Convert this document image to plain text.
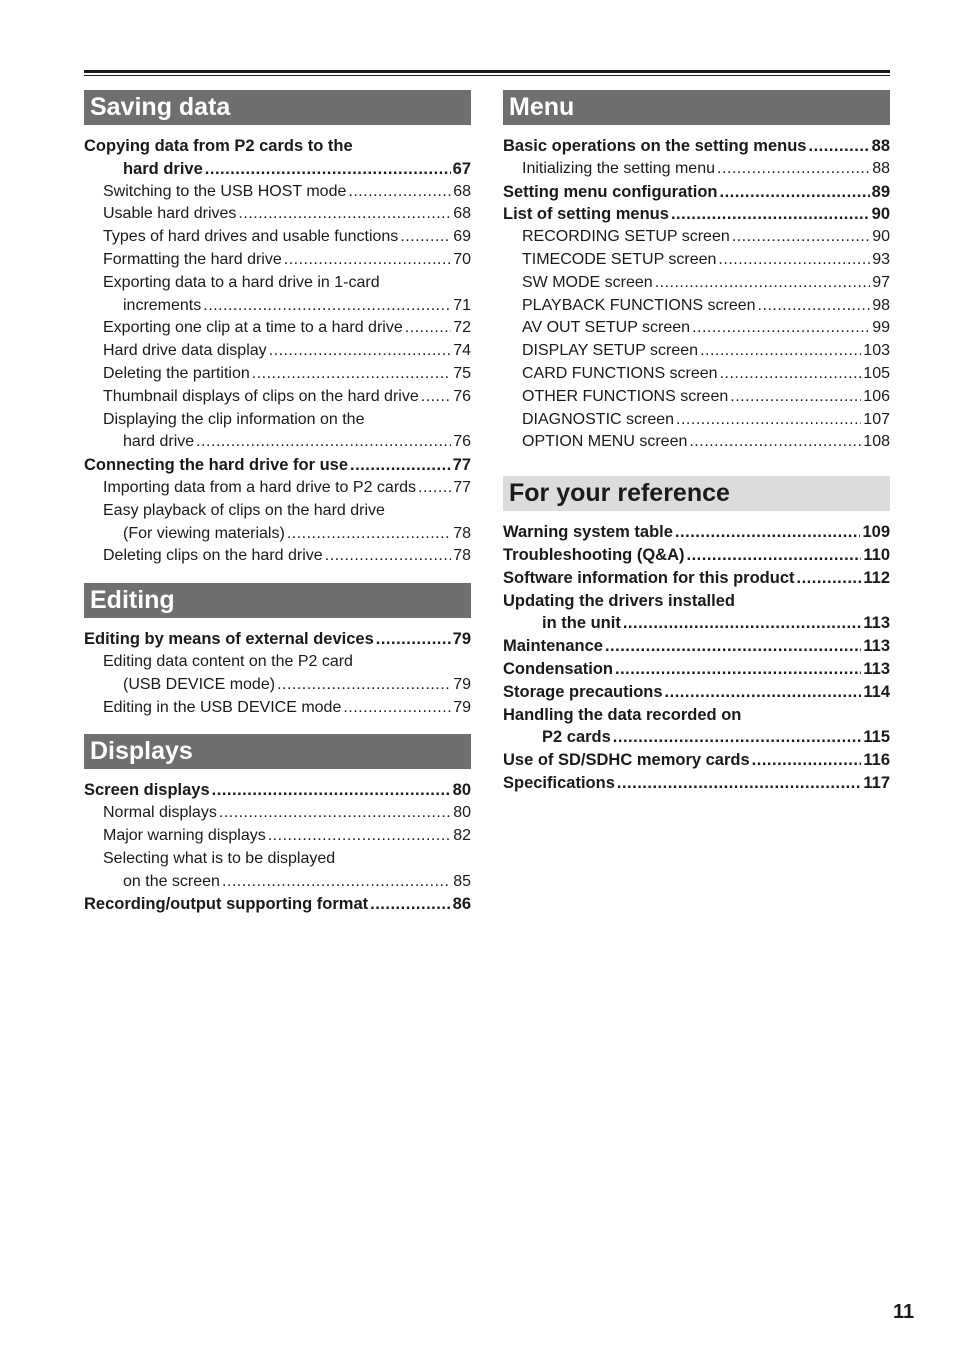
Saving data
Copying data from P2 cards to the
hard drive .....	67
Switching to the USB HOST mode .....	68
Usable hard drives .....	68
Types of hard drives and usable functions .....	69
Formatting the hard drive .....	70
Exporting data to a hard drive in 1-card
increments .....	71
Exporting one clip at a time to a hard drive .....	72
Hard drive data display .....	74
Deleting the partition .....	75
Thumbnail displays of clips on the hard drive ..... 76
Displaying the clip information on the
hard drive .....	76
Connecting the hard drive for use .....	77
Importing data from a hard drive to P2 cards ..... 77
Easy playback of clips on the hard drive
(For viewing materials) .....	78
Deleting clips on the hard drive .....	78
Editing
Editing by means of external devices .....	79
Editing data content on the P2 card
(USB DEVICE mode) .....	79
Editing in the USB DEVICE mode .....	79
Displays
Screen displays .....	80
Normal displays .....	80
Major warning displays .....	82
Selecting what is to be displayed
on the screen .....	85
Recording/output supporting format .....	86
Menu
Basic operations on the setting menus .....	88
Initializing the setting menu .....	88
Setting menu configuration .....	89
List of setting menus .....	90
RECORDING SETUP screen .....	90
TIMECODE SETUP screen .....	93
SW MODE screen .....	97
PLAYBACK FUNCTIONS screen .....	98
AV OUT SETUP screen .....	99
DISPLAY SETUP screen .....	103
CARD FUNCTIONS screen .....	105
OTHER FUNCTIONS screen .....	106
DIAGNOSTIC screen .....	107
OPTION MENU screen .....	108
For your reference
Warning system table .....	109
Troubleshooting (Q&A) .....	110
Software information for this product .....	112
Updating the drivers installed
in the unit .....	113
Maintenance .....	113
Condensation .....	113
Storage precautions .....	114
Handling the data recorded on
P2 cards .....	115
Use of SD/SDHC memory cards .....	116
Specifications .....	117
11
